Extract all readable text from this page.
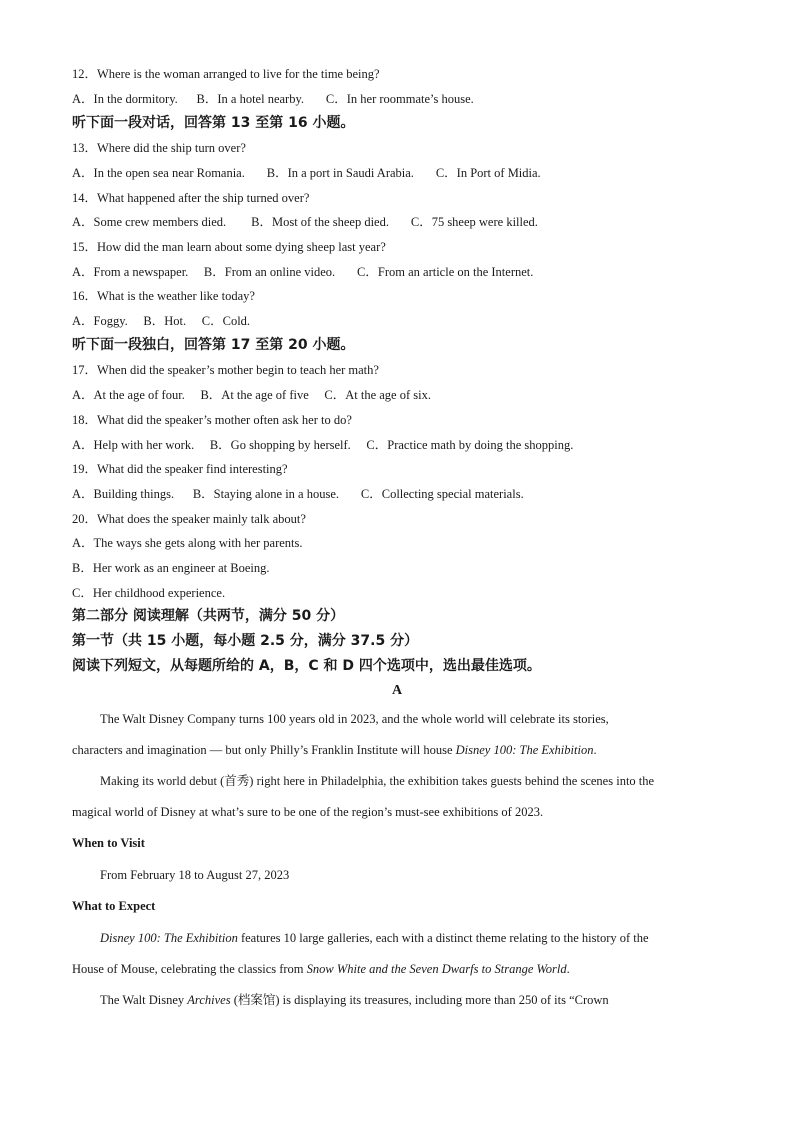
12．Where is the woman arranged to live for the time being?
A．In the dormitory. B．In a hotel nearby. C．In her roommate’s house.
听下面一段对话，回答第 13 至第 16 小题。
13．Where did the ship turn over?
A．In the open sea near Romania. B．In a port in Saudi Arabia. C．In Port of Midia.
14．What happened after the ship turned over?
A．Some crew members died. B．Most of the sheep died. C．75 sheep were killed.
15．How did the man learn about some dying sheep last year?
A．From a newspaper. B．From an online video. C．From an article on the Internet.
16．What is the weather like today?
A．Foggy. B．Hot. C．Cold.
听下面一段独白，回答第 17 至第 20 小题。
17．When did the speaker’s mother begin to teach her math?
A．At the age of four. B．At the age of five C．At the age of six.
18．What did the speaker’s mother often ask her to do?
A．Help with her work. B．Go shopping by herself. C．Practice math by doing the shopping.
19．What did the speaker find interesting?
A．Building things. B．Staying alone in a house. C．Collecting special materials.
20．What does the speaker mainly talk about?
A．The ways she gets along with her parents.
B．Her work as an engineer at Boeing.
C．Her childhood experience.
第二部分 阅读理解（共两节，满分 50 分）
第一节（共 15 小题，每小题 2.5 分，满分 37.5 分）
阅读下列短文，从每题所给的 A，B，C 和 D 四个选项中，选出最佳选项。
A
The Walt Disney Company turns 100 years old in 2023, and the whole world will celebrate its stories,
characters and imagination — but only Philly’s Franklin Institute will house Disney 100: The Exhibition.
Making its world debut (首秀) right here in Philadelphia, the exhibition takes guests behind the scenes into the
magical world of Disney at what’s sure to be one of the region’s must-see exhibitions of 2023.
When to Visit
From February 18 to August 27, 2023
What to Expect
Disney 100: The Exhibition features 10 large galleries, each with a distinct theme relating to the history of the
House of Mouse, celebrating the classics from Snow White and the Seven Dwarfs to Strange World.
The Walt Disney Archives (档案馆) is displaying its treasures, including more than 250 of its “Crown
